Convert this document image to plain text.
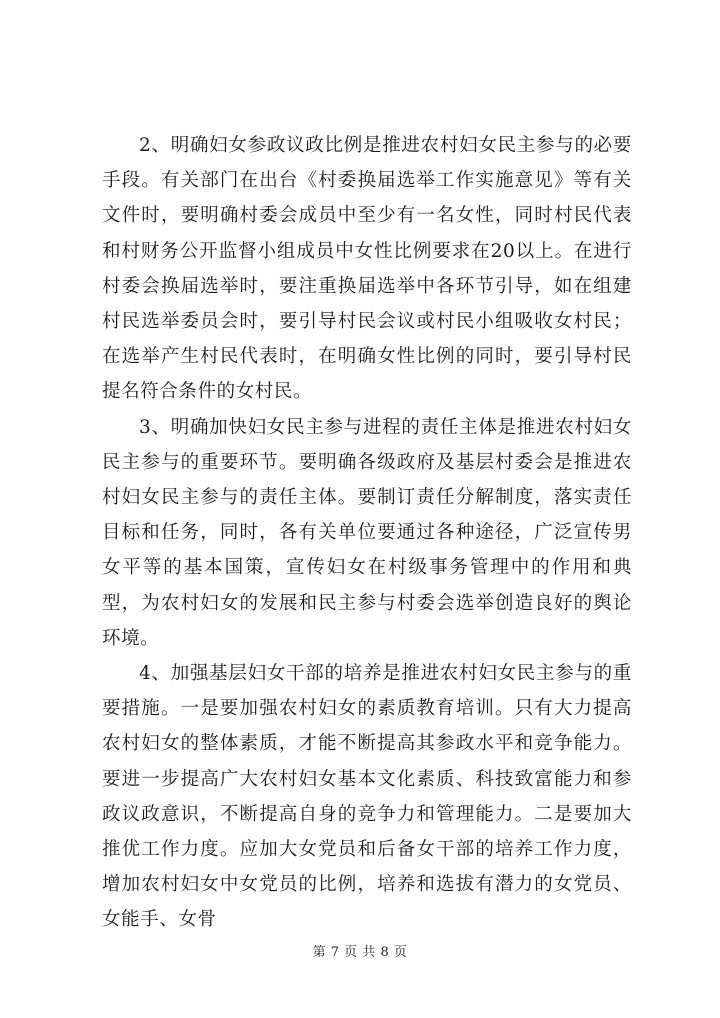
2、明确妇女参政议政比例是推进农村妇女民主参与的必要手段。有关部门在出台《村委换届选举工作实施意见》等有关文件时，要明确村委会成员中至少有一名女性，同时村民代表和村财务公开监督小组成员中女性比例要求在20以上。在进行村委会换届选举时，要注重换届选举中各环节引导，如在组建村民选举委员会时，要引导村民会议或村民小组吸收女村民；在选举产生村民代表时，在明确女性比例的同时，要引导村民提名符合条件的女村民。

3、明确加快妇女民主参与进程的责任主体是推进农村妇女民主参与的重要环节。要明确各级政府及基层村委会是推进农村妇女民主参与的责任主体。要制订责任分解制度，落实责任目标和任务，同时，各有关单位要通过各种途径，广泛宣传男女平等的基本国策，宣传妇女在村级事务管理中的作用和典型，为农村妇女的发展和民主参与村委会选举创造良好的舆论环境。

4、加强基层妇女干部的培养是推进农村妇女民主参与的重要措施。一是要加强农村妇女的素质教育培训。只有大力提高农村妇女的整体素质，才能不断提高其参政水平和竞争能力。要进一步提高广大农村妇女基本文化素质、科技致富能力和参政议政意识，不断提高自身的竞争力和管理能力。二是要加大推优工作力度。应加大女党员和后备女干部的培养工作力度，增加农村妇女中女党员的比例，培养和选拔有潜力的女党员、女能手、女骨

第 7 页 共 8 页
